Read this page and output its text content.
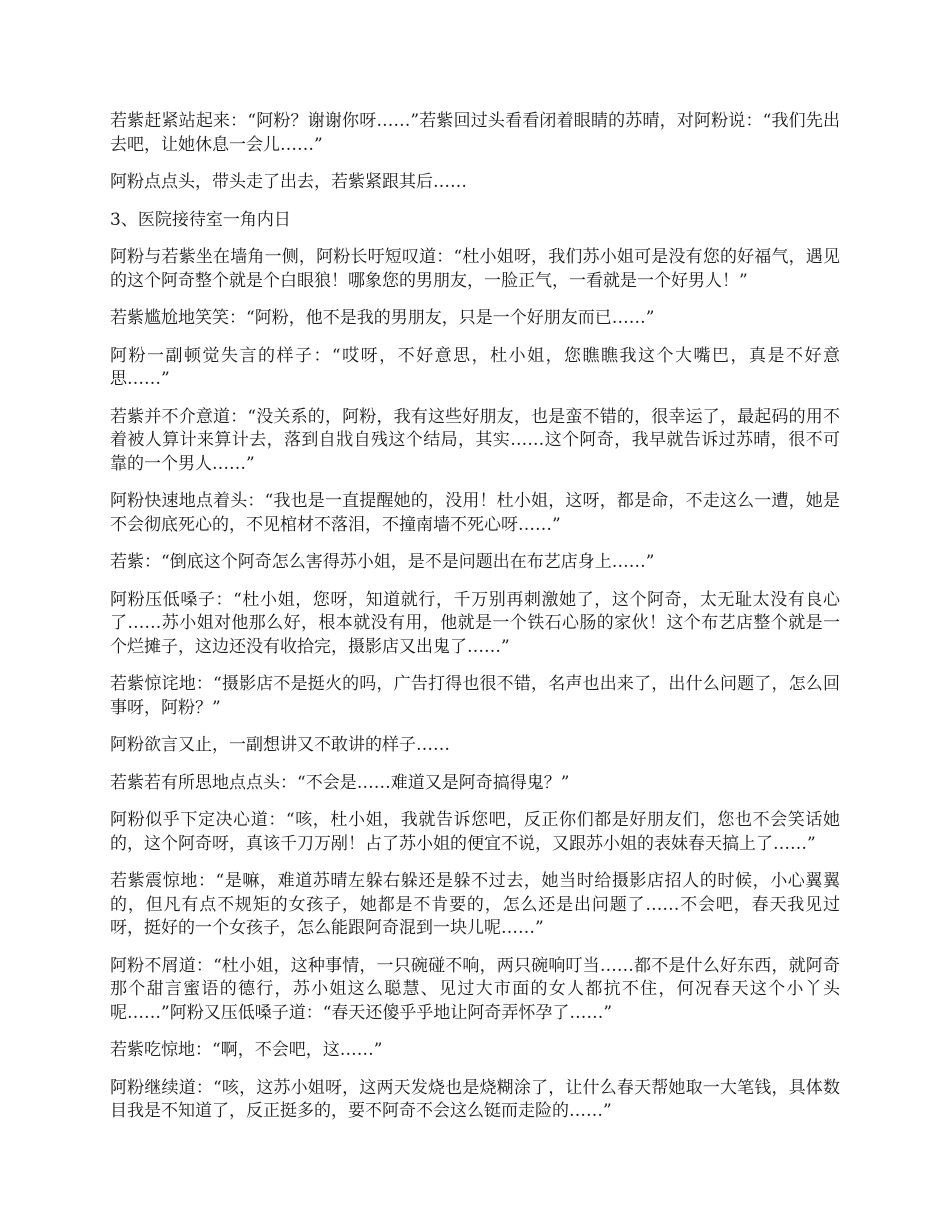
若紫赶紧站起来：“阿粉？谢谢你呀……”若紫回过头看看闭着眼睛的苏晴，对阿粉说：“我们先出去吧，让她休息一会儿……”

阿粉点点头，带头走了出去，若紫紧跟其后……

3、医院接待室一角内日

阿粉与若紫坐在墙角一侧，阿粉长吁短叹道：“杜小姐呀，我们苏小姐可是没有您的好福气，遇见的这个阿奇整个就是个白眼狼！哪象您的男朋友，一脸正气，一看就是一个好男人！”

若紫尴尬地笑笑：“阿粉，他不是我的男朋友，只是一个好朋友而已……”

阿粉一副顿觉失言的样子：“哎呀，不好意思，杜小姐，您瞧瞧我这个大嘴巴，真是不好意思……”

若紫并不介意道：“没关系的，阿粉，我有这些好朋友，也是蛮不错的，很幸运了，最起码的用不着被人算计来算计去，落到自戕自残这个结局，其实……这个阿奇，我早就告诉过苏晴，很不可靠的一个男人……”

阿粉快速地点着头：“我也是一直提醒她的，没用！杜小姐，这呀，都是命，不走这么一遭，她是不会彻底死心的，不见棺材不落泪，不撞南墙不死心呀……”

若紫：“倒底这个阿奇怎么害得苏小姐，是不是问题出在布艺店身上……”

阿粉压低嗓子：“杜小姐，您呀，知道就行，千万别再刺激她了，这个阿奇，太无耻太没有良心了……苏小姐对他那么好，根本就没有用，他就是一个铁石心肠的家伙！这个布艺店整个就是一个烂摊子，这边还没有收拾完，摄影店又出鬼了……”

若紫惊诧地：“摄影店不是挺火的吗，广告打得也很不错，名声也出来了，出什么问题了，怎么回事呀，阿粉？”

阿粉欲言又止，一副想讲又不敢讲的样子……

若紫若有所思地点点头：“不会是……难道又是阿奇搞得鬼？”

阿粉似乎下定决心道：“咳，杜小姐，我就告诉您吧，反正你们都是好朋友们，您也不会笑话她的，这个阿奇呀，真该千刀万剐！占了苏小姐的便宜不说，又跟苏小姐的表妹春天搞上了……”

若紫震惊地：“是嘛，难道苏晴左躲右躲还是躲不过去，她当时给摄影店招人的时候，小心翼翼的，但凡有点不规矩的女孩子，她都是不肯要的，怎么还是出问题了……不会吧，春天我见过呀，挺好的一个女孩子，怎么能跟阿奇混到一块儿呢……”

阿粉不屑道：“杜小姐，这种事情，一只碗碰不响，两只碗响叮当……都不是什么好东西，就阿奇那个甜言蜜语的德行，苏小姐这么聪慧、见过大市面的女人都抗不住，何况春天这个小丫头呢……”阿粉又压低嗓子道：“春天还傻乎乎地让阿奇弄怀孕了……”

若紫吃惊地：“啊，不会吧，这……”

阿粉继续道：“咳，这苏小姐呀，这两天发烧也是烧糊涂了，让什么春天帮她取一大笔钱，具体数目我是不知道了，反正挺多的，要不阿奇不会这么铤而走险的……”
